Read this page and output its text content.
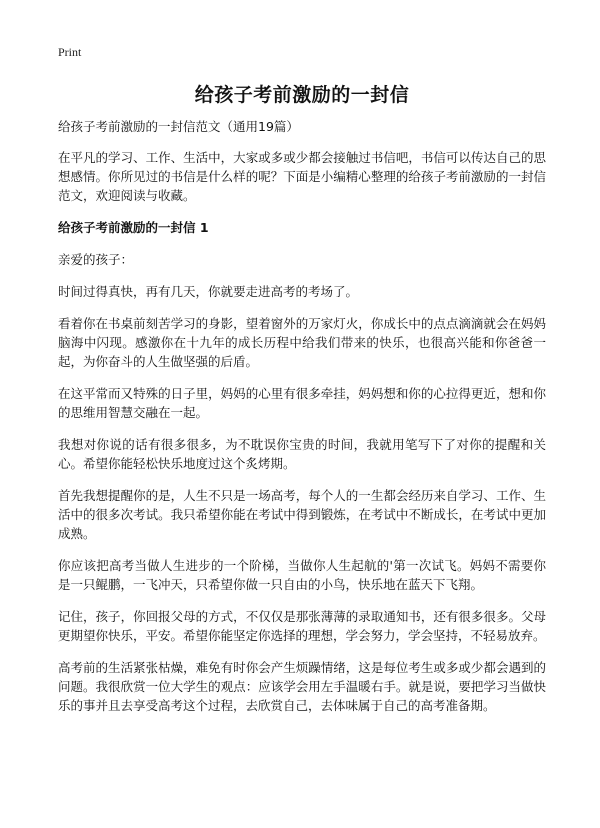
Print
给孩子考前激励的一封信
给孩子考前激励的一封信范文（通用19篇）

在平凡的学习、工作、生活中，大家或多或少都会接触过书信吧，书信可以传达自己的思想感情。你所见过的书信是什么样的呢？下面是小编精心整理的给孩子考前激励的一封信范文，欢迎阅读与收藏。

给孩子考前激励的一封信 1

亲爱的孩子：

时间过得真快，再有几天，你就要走进高考的考场了。

看着你在书桌前刻苦学习的身影，望着窗外的万家灯火，你成长中的点点滴滴就会在妈妈脑海中闪现。感激你在十九年的成长历程中给我们带来的快乐，也很高兴能和你爸爸一起，为你奋斗的人生做坚强的后盾。

在这平常而又特殊的日子里，妈妈的心里有很多牵挂，妈妈想和你的心拉得更近，想和你的思维用智慧交融在一起。

我想对你说的话有很多很多，为不耽误你宝贵的时间，我就用笔写下了对你的提醒和关心。希望你能轻松快乐地度过这个炙烤期。

首先我想提醒你的是，人生不只是一场高考，每个人的一生都会经历来自学习、工作、生活中的很多次考试。我只希望你能在考试中得到锻炼，在考试中不断成长，在考试中更加成熟。

你应该把高考当做人生进步的一个阶梯，当做你人生起航的'第一次试飞。妈妈不需要你是一只鲲鹏，一飞冲天，只希望你做一只自由的小鸟，快乐地在蓝天下飞翔。

记住，孩子，你回报父母的方式，不仅仅是那张薄薄的录取通知书，还有很多很多。父母更期望你快乐，平安。希望你能坚定你选择的理想，学会努力，学会坚持，不轻易放弃。

高考前的生活紧张枯燥，难免有时你会产生烦躁情绪，这是每位考生或多或少都会遇到的问题。我很欣赏一位大学生的观点：应该学会用左手温暖右手。就是说，要把学习当做快乐的事并且去享受高考这个过程，去欣赏自己，去体味属于自己的高考准备期。
